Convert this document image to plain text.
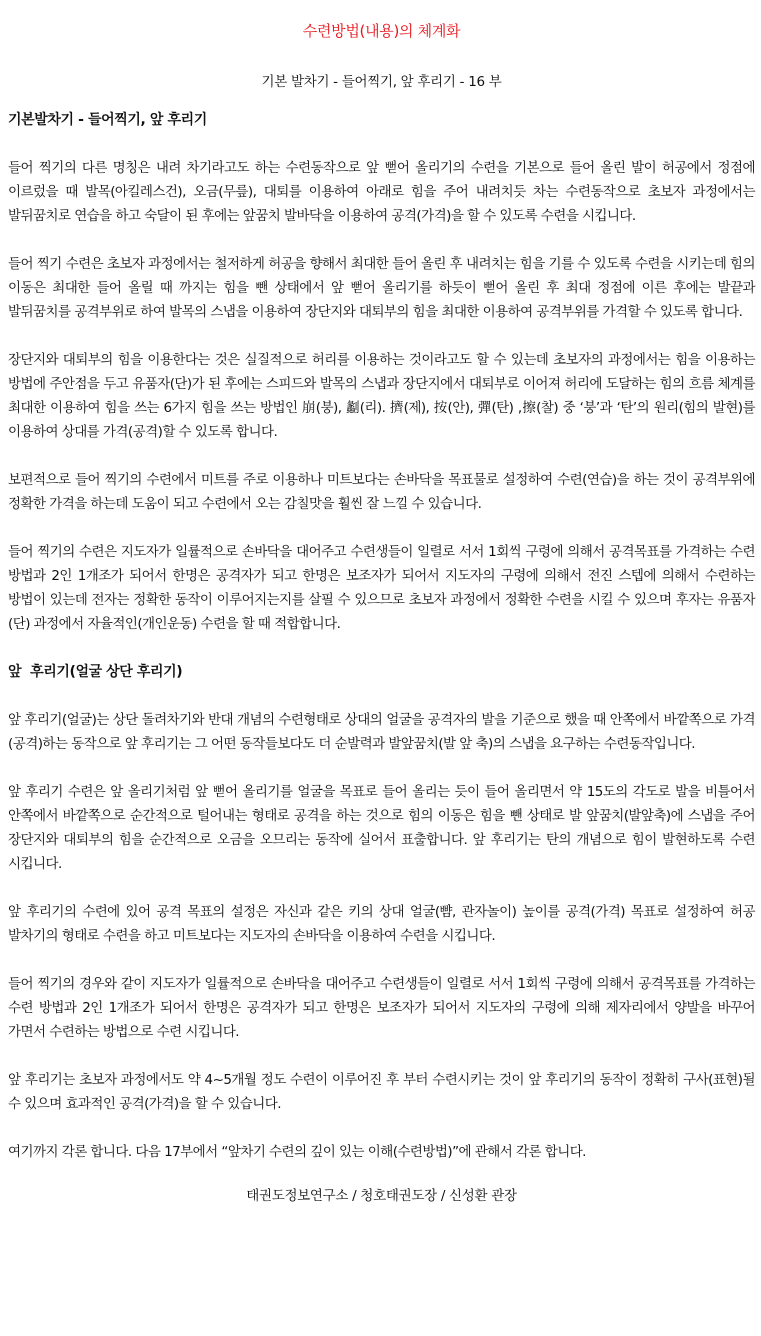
수련방법(내용)의 체계화
기본 발차기 - 들어찍기, 앞 후리기 - 16 부
기본발차기 - 들어찍기, 앞 후리기

들어 찍기의 다른 명칭은 내려 차기라고도 하는 수련동작으로 앞 뻗어 올리기의 수련을 기본으로 들어 올린 발이 허공에서 정점에 이르렀을 때 발목(아킬레스건), 오금(무릎), 대퇴를 이용하여 아래로 힘을 주어 내려치듯 차는 수련동작으로 초보자 과정에서는 발뒤꿈치로 연습을 하고 숙달이 된 후에는 앞꿈치 발바닥을 이용하여 공격(가격)을 할 수 있도록 수련을 시킵니다.

들어 찍기 수련은 초보자 과정에서는 철저하게 허공을 향해서 최대한 들어 올린 후 내려치는 힘을 기를 수 있도록 수련을 시키는데 힘의 이동은 최대한 들어 올릴 때 까지는 힘을 뺀 상태에서 앞 뻗어 올리기를 하듯이 뻗어 올린 후 최대 정점에 이른 후에는 발끝과 발뒤꿈치를 공격부위로 하여 발목의 스냅을 이용하여 장단지와 대퇴부의 힘을 최대한 이용하여 공격부위를 가격할 수 있도록 합니다.

장단지와 대퇴부의 힘을 이용한다는 것은 실질적으로 허리를 이용하는 것이라고도 할 수 있는데 초보자의 과정에서는 힘을 이용하는 방법에 주안점을 두고 유품자(단)가 된 후에는 스피드와 발목의 스냅과 장단지에서 대퇴부로 이어져 허리에 도달하는 힘의 흐름 체계를 최대한 이용하여 힘을 쓰는 6가지 힘을 쓰는 방법인 崩(붕), 劙(리). 擠(제), 按(안), 彈(탄) ,擦(찰) 중 ‘붕’과 ‘탄’의 원리(힘의 발현)를 이용하여 상대를 가격(공격)할 수 있도록 합니다.

보편적으로 들어 찍기의 수련에서 미트를 주로 이용하나 미트보다는 손바닥을 목표물로 설정하여 수련(연습)을 하는 것이 공격부위에 정확한 가격을 하는데 도움이 되고 수련에서 오는 감칠맛을 훨씬 잘 느낄 수 있습니다.

들어 찍기의 수련은 지도자가 일률적으로 손바닥을 대어주고 수련생들이 일렬로 서서 1회씩 구령에 의해서 공격목표를 가격하는 수련 방법과 2인 1개조가 되어서 한명은 공격자가 되고 한명은 보조자가 되어서 지도자의 구령에 의해서 전진 스텝에 의해서 수련하는 방법이 있는데 전자는 정확한 동작이 이루어지는지를 살필 수 있으므로 초보자 과정에서 정확한 수련을 시킬 수 있으며 후자는 유품자(단) 과정에서 자율적인(개인운동) 수련을 할 때 적합합니다.

앞  후리기(얼굴 상단 후리기)

앞 후리기(얼굴)는 상단 돌려차기와 반대 개념의 수련형태로 상대의 얼굴을 공격자의 발을 기준으로 했을 때 안쪽에서 바깥쪽으로 가격(공격)하는 동작으로 앞 후리기는 그 어떤 동작들보다도 더 순발력과 발앞꿈치(발 앞 축)의 스냅을 요구하는 수련동작입니다.

앞 후리기 수련은 앞 올리기처럼 앞 뻗어 올리기를 얼굴을 목표로 들어 올리는 듯이 들어 올리면서 약 15도의 각도로 발을 비틀어서 안쪽에서 바깥쪽으로 순간적으로 털어내는 형태로 공격을 하는 것으로 힘의 이동은 힘을 뺀 상태로 발 앞꿈치(발앞축)에 스냅을 주어 장단지와 대퇴부의 힘을 순간적으로 오금을 오므리는 동작에 실어서 표출합니다. 앞 후리기는 탄의 개념으로 힘이 발현하도록 수련 시킵니다.

앞 후리기의 수련에 있어 공격 목표의 설정은 자신과 같은 키의 상대 얼굴(뺨, 관자놀이) 높이를 공격(가격) 목표로 설정하여 허공 발차기의 형태로 수련을 하고 미트보다는 지도자의 손바닥을 이용하여 수련을 시킵니다.

들어 찍기의 경우와 같이 지도자가 일률적으로 손바닥을 대어주고 수련생들이 일렬로 서서 1회씩 구령에 의해서 공격목표를 가격하는 수련 방법과 2인 1개조가 되어서 한명은 공격자가 되고 한명은 보조자가 되어서 지도자의 구령에 의해 제자리에서 양발을 바꾸어 가면서 수련하는 방법으로 수련 시킵니다.

앞 후리기는 초보자 과정에서도 약 4~5개월 정도 수련이 이루어진 후 부터 수련시키는 것이 앞 후리기의 동작이 정확히 구사(표현)될 수 있으며 효과적인 공격(가격)을 할 수 있습니다.

여기까지 각론 합니다. 다음 17부에서 “앞차기 수련의 깊이 있는 이해(수련방법)”에 관해서 각론 합니다.

태권도정보연구소 / 청호태권도장 / 신성환 관장
